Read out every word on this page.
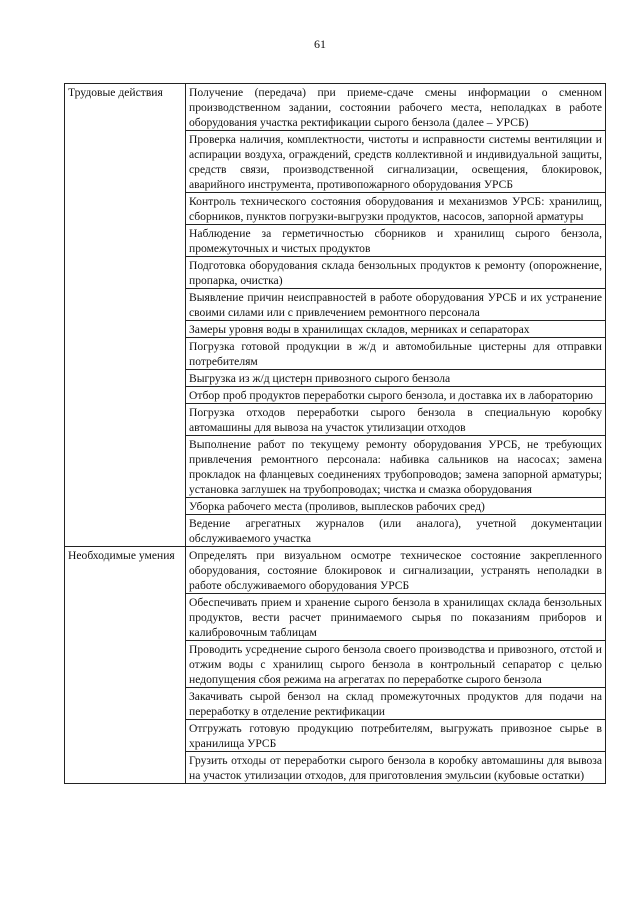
61
Трудовые действия	Получение (передача) при приеме-сдаче смены информации о сменном производственном задании, состоянии рабочего места, неполадках в работе оборудования участка ректификации сырого бензола (далее – УРСБ)
	Проверка наличия, комплектности, чистоты и исправности системы вентиляции и аспирации воздуха, ограждений, средств коллективной и индивидуальной защиты, средств связи, производственной сигнализации, освещения, блокировок, аварийного инструмента, противопожарного оборудования УРСБ
	Контроль технического состояния оборудования и механизмов УРСБ: хранилищ, сборников, пунктов погрузки-выгрузки продуктов, насосов, запорной арматуры
	Наблюдение за герметичностью сборников и хранилищ сырого бензола, промежуточных и чистых продуктов
	Подготовка оборудования склада бензольных продуктов к ремонту (опорожнение, пропарка, очистка)
	Выявление причин неисправностей в работе оборудования УРСБ и их устранение своими силами или с привлечением ремонтного персонала
	Замеры уровня воды в хранилищах складов, мерниках и сепараторах
	Погрузка готовой продукции в ж/д и автомобильные цистерны для отправки потребителям
	Выгрузка из ж/д цистерн привозного сырого бензола
	Отбор проб продуктов переработки сырого бензола, и доставка их в лабораторию
	Погрузка отходов переработки сырого бензола в специальную коробку автомашины для вывоза на участок утилизации отходов
	Выполнение работ по текущему ремонту оборудования УРСБ, не требующих привлечения ремонтного персонала: набивка сальников на насосах; замена прокладок на фланцевых соединениях трубопроводов; замена запорной арматуры; установка заглушек на трубопроводах; чистка и смазка оборудования
	Уборка рабочего места (проливов, выплесков рабочих сред)
	Ведение агрегатных журналов (или аналога), учетной документации обслуживаемого участка
Необходимые умения	Определять при визуальном осмотре техническое состояние закрепленного оборудования, состояние блокировок и сигнализации, устранять неполадки в работе обслуживаемого оборудования УРСБ
	Обеспечивать прием и хранение сырого бензола в хранилищах склада бензольных продуктов, вести расчет принимаемого сырья по показаниям приборов и калибровочным таблицам
	Проводить усреднение сырого бензола своего производства и привозного, отстой и отжим воды с хранилищ сырого бензола в контрольный сепаратор с целью недопущения сбоя режима на агрегатах по переработке сырого бензола
	Закачивать сырой бензол на склад промежуточных продуктов для подачи на переработку в отделение ректификации
	Отгружать готовую продукцию потребителям, выгружать привозное сырье в хранилища УРСБ
	Грузить отходы от переработки сырого бензола в коробку автомашины для вывоза на участок утилизации отходов, для приготовления эмульсии (кубовые остатки)
